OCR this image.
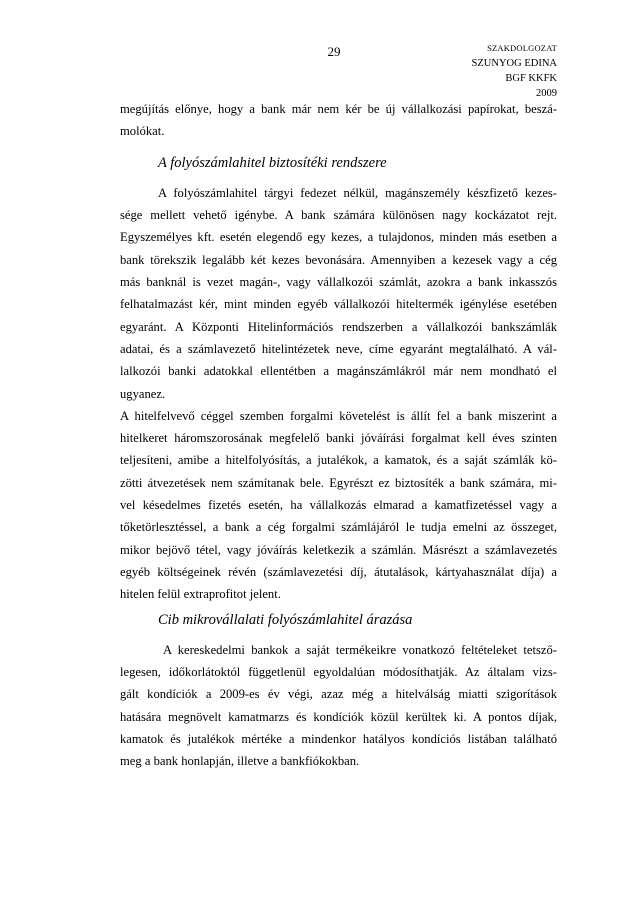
29	SZAKDOLGOZAT
SZUNYOG EDINA
BGF KKFK
2009
megújítás előnye, hogy a bank már nem kér be új vállalkozási papírokat, beszá-
molókat.
A folyószámlahitel biztosítéki rendszere
A folyószámlahitel tárgyi fedezet nélkül, magánszemély készfizető kezes-
sége mellett vehető igénybe. A bank számára különösen nagy kockázatot rejt.
Egyszemélyes kft. esetén elegendő egy kezes, a tulajdonos, minden más esetben a
bank törekszik legalább két kezes bevonására. Amennyiben a kezesek vagy a cég
más banknál is vezet magán-, vagy vállalkozói számlát, azokra a bank inkasszós
felhatalmazást kér, mint minden egyéb vállalkozói hiteltermék igénylése esetében
egyaránt. A Központi Hitelinformációs rendszerben a vállalkozói bankszámlák
adatai, és a számlavezető hitelintézetek neve, címe egyaránt megtalálható. A vál-
lalkozói banki adatokkal ellentétben a magánszámlákról már nem mondható el
ugyanez.
A hitelfelvevő céggel szemben forgalmi követelést is állít fel a bank miszerint a
hitelkeret háromszorosának megfelelő banki jóváírási forgalmat kell éves szinten
teljesíteni, amibe a hitelfolyósítás, a jutalékok, a kamatok, és a saját számlák kö-
zötti átvezetések nem számítanak bele. Egyrészt ez biztosíték a bank számára, mi-
vel késedelmes fizetés esetén, ha vállalkozás elmarad a kamatfizetéssel vagy a
tőketörlesztéssel, a bank a cég forgalmi számlájáról le tudja emelni az összeget,
mikor bejövő tétel, vagy jóváírás keletkezik a számlán. Másrészt a számlavezetés
egyéb költségeinek révén (számlavezetési díj, átutalások, kártyahasználat díja) a
hitelen felül extraprofitot jelent.
Cib mikrovállalati folyószámlahitel árazása
A kereskedelmi bankok a saját termékeikre vonatkozó feltételeket tetsző-
legesen, időkorlátoktól függetlenül egyoldalúan módosíthatják. Az általam vizs-
gált kondíciók a 2009-es év végi, azaz még a hitelválság miatti szigorítások
hatására megnövelt kamatmarzs és kondíciók közül kerültek ki. A pontos díjak,
kamatok és jutalékok mértéke a mindenkor hatályos kondíciós listában található
meg a bank honlapján, illetve a bankfiókokban.
